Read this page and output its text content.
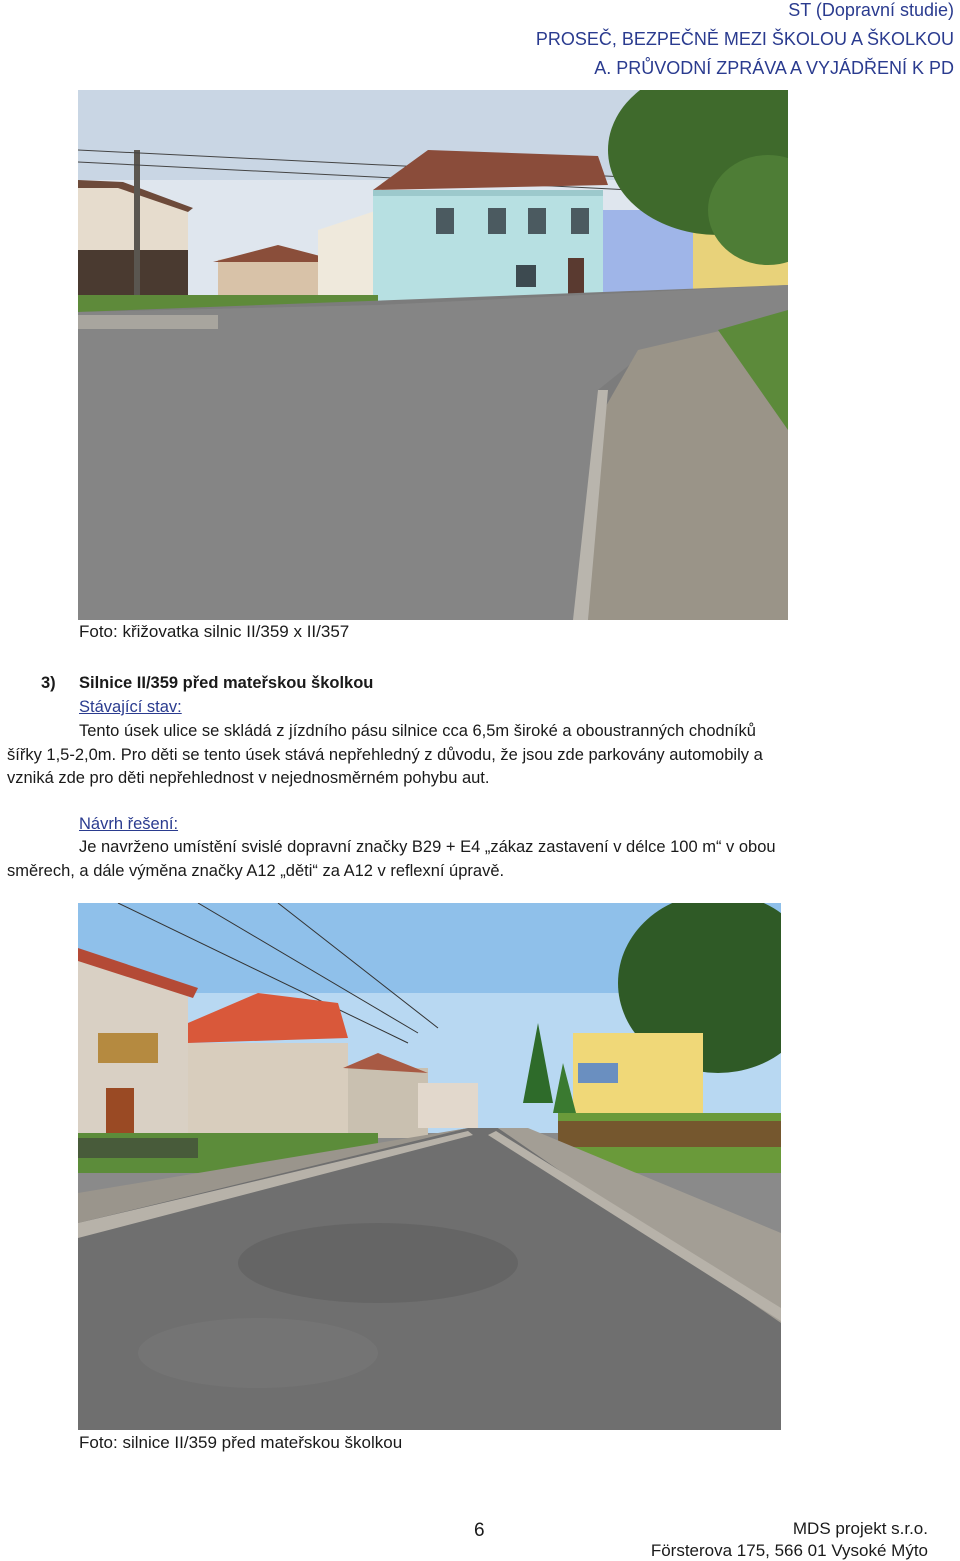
ST (Dopravní studie)
PROSEČ, BEZPEČNĚ MEZI ŠKOLOU A ŠKOLKOU
A. PRŮVODNÍ ZPRÁVA A VYJÁDŘENÍ K PD
Foto: křižovatka silnic II/359 x II/357
3) Silnice II/359 před mateřskou školkou
Stávající stav:
Tento úsek ulice se skládá z jízdního pásu silnice cca 6,5m široké a oboustranných chodníků
šířky 1,5-2,0m. Pro děti se tento úsek stává nepřehledný z důvodu, že jsou zde parkovány automobily a
vzniká zde pro děti nepřehlednost v nejednosměrném pohybu aut.
Návrh řešení:
Je navrženo umístění svislé dopravní značky B29 + E4 „zákaz zastavení v délce 100 m“ v obou
směrech, a dále výměna značky A12 „děti“ za A12 v reflexní úpravě.
Foto: silnice II/359 před mateřskou školkou
6	MDS projekt s.r.o.
Försterova 175, 566 01 Vysoké Mýto
